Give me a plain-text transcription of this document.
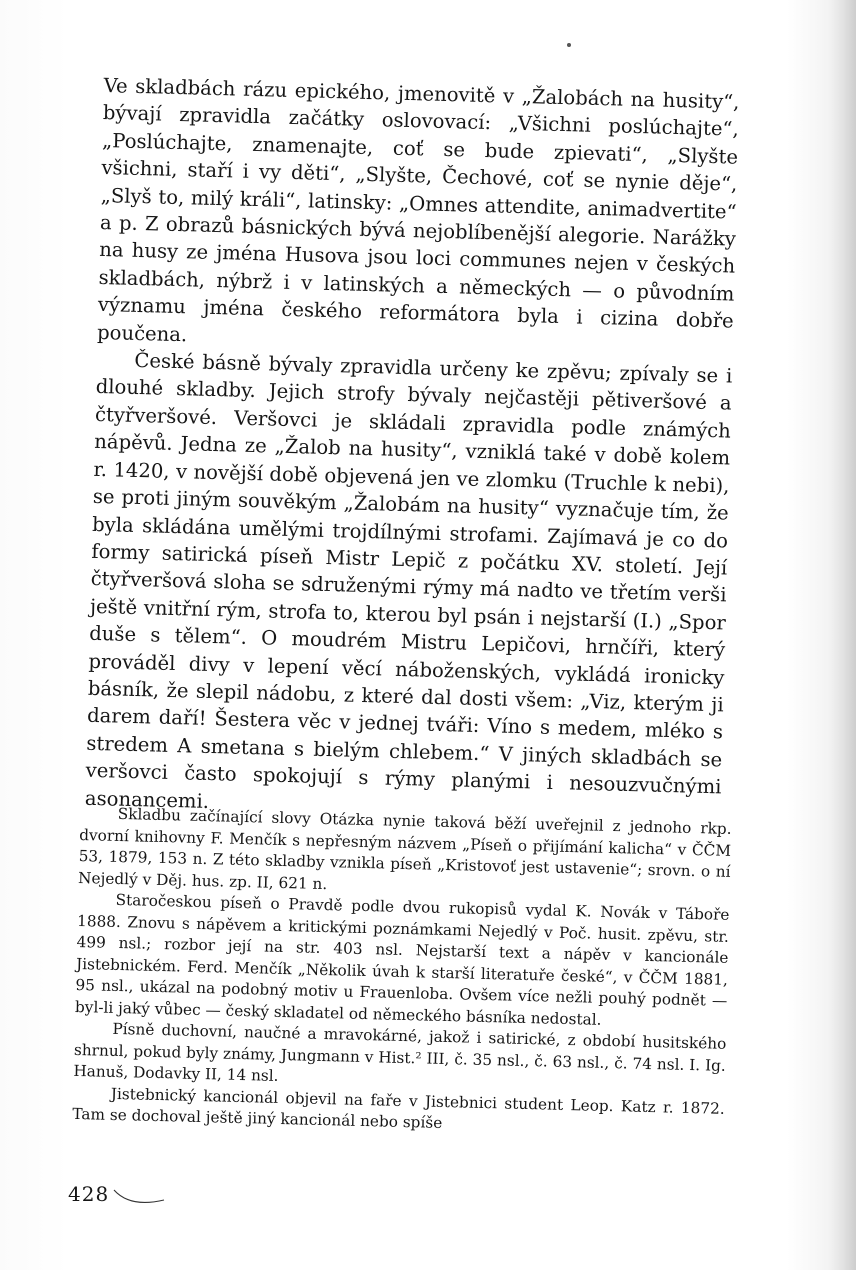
Ve skladbách rázu epického, jmenovitě v „Žalobách na husity“, bývají zpravidla začátky oslovovací: „Všichni poslúchajte“, „Poslúchajte, znamenajte, coť se bude zpievati“, „Slyšte všichni, staří i vy děti“, „Slyšte, Čechové, coť se nynie děje“, „Slyš to, milý králi“, latinsky: „Omnes attendite, animadvertite“ a p. Z obrazů básnických bývá nejoblíbenější alegorie. Narážky na husy ze jména Husova jsou loci communes nejen v českých skladbách, nýbrž i v latinských a německých — o původním významu jména českého reformátora byla i cizina dobře poučena.

České básně bývaly zpravidla určeny ke zpěvu; zpívaly se i dlouhé skladby. Jejich strofy bývaly nejčastěji pětiveršové a čtyřveršové. Veršovci je skládali zpravidla podle známých nápěvů. Jedna ze „Žalob na husity“, vzniklá také v době kolem r. 1420, v novější době objevená jen ve zlomku (Truchle k nebi), se proti jiným souvěkým „Žalobám na husity“ vyznačuje tím, že byla skládána umělými trojdílnými strofami. Zajímavá je co do formy satirická píseň Mistr Lepič z počátku XV. století. Její čtyřveršová sloha se sdruženými rýmy má nadto ve třetím verši ještě vnitřní rým, strofa to, kterou byl psán i nejstarší (I.) „Spor duše s tělem“. O moudrém Mistru Lepičovi, hrnčíři, který prováděl divy v lepení věcí náboženských, vykládá ironicky básník, že slepil nádobu, z které dal dosti všem: „Viz, kterým ji darem daří! Šestera věc v jednej tváři: Víno s medem, mléko s stredem A smetana s bielým chlebem.“ V jiných skladbách se veršovci často spokojují s rýmy planými i nesouzvučnými asonancemi.

Skladbu začínající slovy Otázka nynie taková běží uveřejnil z jednoho rkp. dvorní knihovny F. Menčík s nepřesným názvem „Píseň o přijímání kalicha“ v ČČM 53, 1879, 153 n. Z této skladby vznikla píseň „Kristovoť jest ustavenie“; srovn. o ní Nejedlý v Děj. hus. zp. II, 621 n.

Staročeskou píseň o Pravdě podle dvou rukopisů vydal K. Novák v Táboře 1888. Znovu s nápěvem a kritickými poznámkami Nejedlý v Poč. husit. zpěvu, str. 499 nsl.; rozbor její na str. 403 nsl. Nejstarší text a nápěv v kancionále Jistebnickém. Ferd. Menčík „Několik úvah k starší literatuře české“, v ČČM 1881, 95 nsl., ukázal na podobný motiv u Frauenloba. Ovšem více nežli pouhý podnět — byl-li jaký vůbec — český skladatel od německého básníka nedostal.

Písně duchovní, naučné a mravokárné, jakož i satirické, z období husitského shrnul, pokud byly známy, Jungmann v Hist.² III, č. 35 nsl., č. 63 nsl., č. 74 nsl. I. Ig. Hanuš, Dodavky II, 14 nsl.

Jistebnický kancionál objevil na faře v Jistebnici student Leop. Katz r. 1872. Tam se dochoval ještě jiný kancionál nebo spíše

428
